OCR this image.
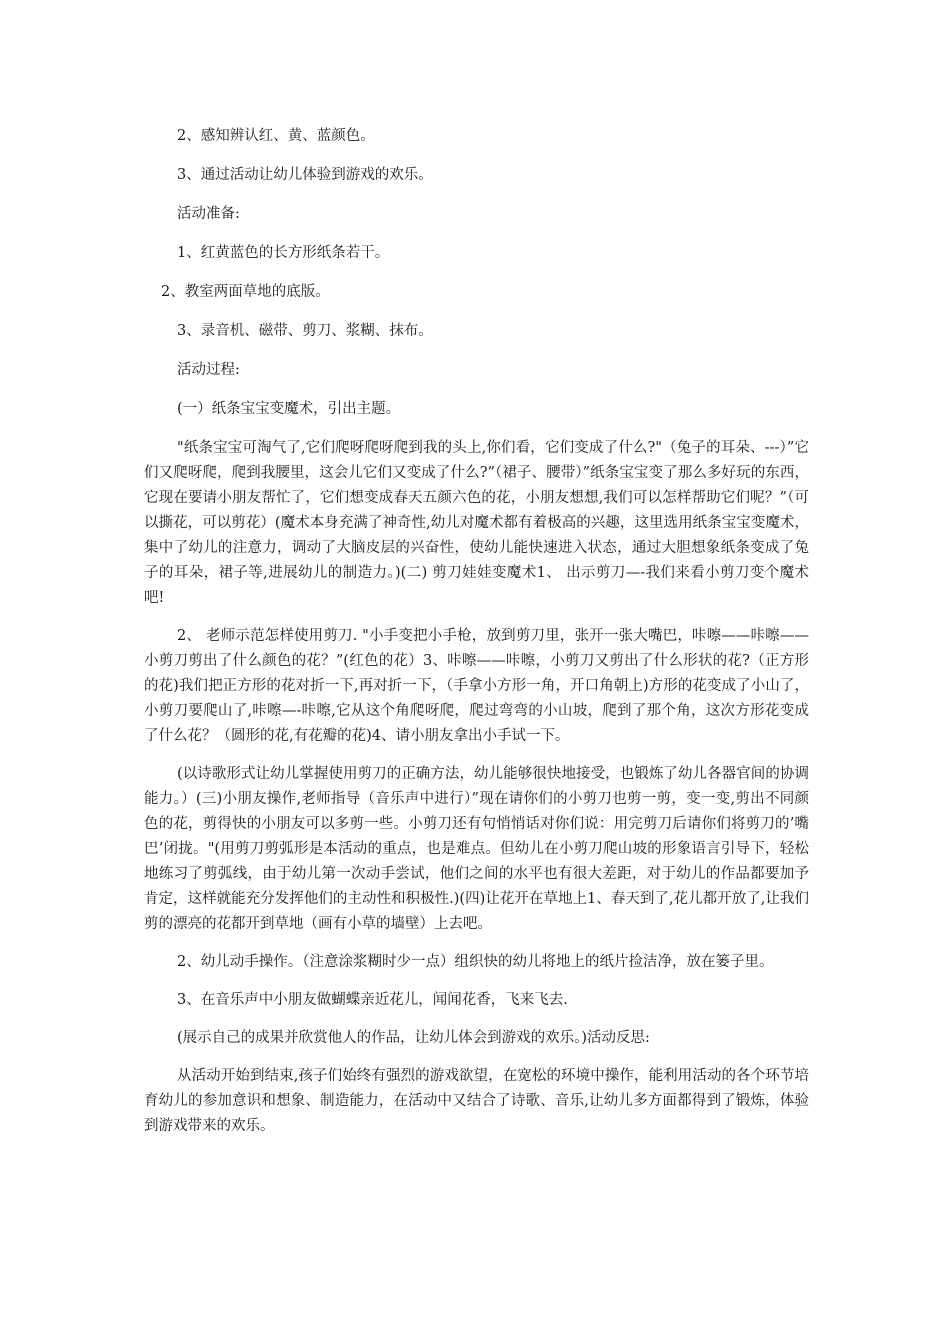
2、感知辨认红、黄、蓝颜色。

3、通过活动让幼儿体验到游戏的欢乐。

活动准备:

1、红黄蓝色的长方形纸条若干。

2、教室两面草地的底版。

3、录音机、磁带、剪刀、浆糊、抹布。

活动过程:

(一）纸条宝宝变魔术，引出主题。

"纸条宝宝可淘气了,它们爬呀爬呀爬到我的头上,你们看，它们变成了什么?"（兔子的耳朵、---）”它们又爬呀爬，爬到我腰里，这会儿它们又变成了什么?”（裙子、腰带）”纸条宝宝变了那么多好玩的东西，它现在要请小朋友帮忙了，它们想变成春天五颜六色的花，小朋友想想,我们可以怎样帮助它们呢？”（可以撕花，可以剪花）(魔术本身充满了神奇性,幼儿对魔术都有着极高的兴趣，这里选用纸条宝宝变魔术，集中了幼儿的注意力，调动了大脑皮层的兴奋性，使幼儿能快速进入状态，通过大胆想象纸条变成了兔子的耳朵，裙子等,进展幼儿的制造力。)(二) 剪刀娃娃变魔术1、 出示剪刀—-我们来看小剪刀变个魔术吧!

2、 老师示范怎样使用剪刀. "小手变把小手枪，放到剪刀里，张开一张大嘴巴，咔嚓——咔嚓——小剪刀剪出了什么颜色的花？”(红色的花）3、咔嚓——咔嚓，小剪刀又剪出了什么形状的花?（正方形的花)我们把正方形的花对折一下,再对折一下，（手拿小方形一角，开口角朝上)方形的花变成了小山了，小剪刀要爬山了,咔嚓—-咔嚓,它从这个角爬呀爬，爬过弯弯的小山坡，爬到了那个角，这次方形花变成了什么花？（圆形的花,有花瓣的花)4、请小朋友拿出小手试一下。

(以诗歌形式让幼儿掌握使用剪刀的正确方法，幼儿能够很快地接受，也锻炼了幼儿各器官间的协调能力。）(三)小朋友操作,老师指导（音乐声中进行）”现在请你们的小剪刀也剪一剪，变一变,剪出不同颜色的花，剪得快的小朋友可以多剪一些。小剪刀还有句悄悄话对你们说：用完剪刀后请你们将剪刀的’嘴巴’闭拢。"(用剪刀剪弧形是本活动的重点，也是难点。但幼儿在小剪刀爬山坡的形象语言引导下，轻松地练习了剪弧线，由于幼儿第一次动手尝试，他们之间的水平也有很大差距，对于幼儿的作品都要加予肯定，这样就能充分发挥他们的主动性和积极性.)(四)让花开在草地上1、春天到了,花儿都开放了,让我们剪的漂亮的花都开到草地（画有小草的墙壁）上去吧。

2、幼儿动手操作。（注意涂浆糊时少一点）组织快的幼儿将地上的纸片捡洁净，放在篓子里。

3、在音乐声中小朋友做蝴蝶亲近花儿，闻闻花香，飞来飞去.

(展示自己的成果并欣赏他人的作品，让幼儿体会到游戏的欢乐。)活动反思:

从活动开始到结束,孩子们始终有强烈的游戏欲望，在宽松的环境中操作，能利用活动的各个环节培育幼儿的参加意识和想象、制造能力，在活动中又结合了诗歌、音乐,让幼儿多方面都得到了锻炼，体验到游戏带来的欢乐。
